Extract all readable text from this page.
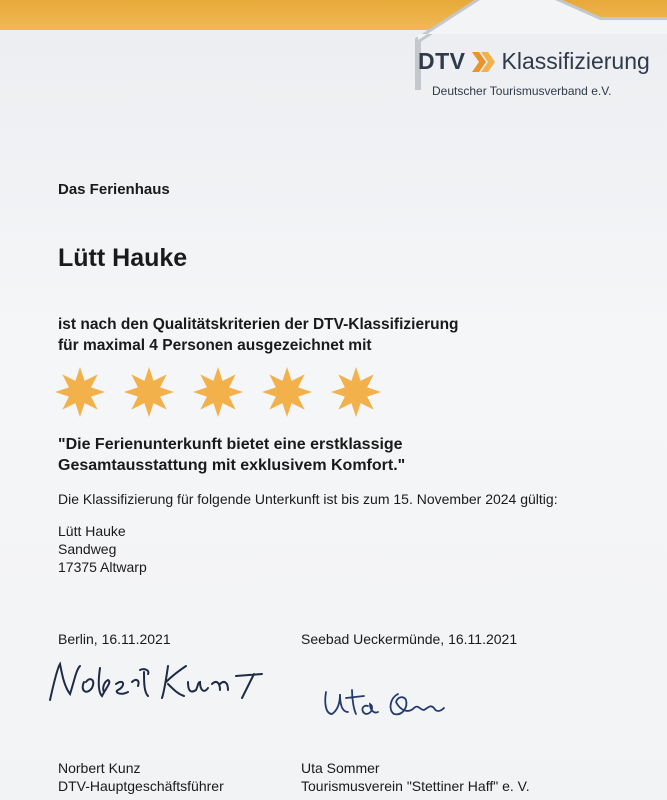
DTV Klassifizierung
Deutscher Tourismusverband e.V.
Das Ferienhaus
Lütt Hauke
ist nach den Qualitätskriterien der DTV-Klassifizierung
für maximal 4 Personen ausgezeichnet mit
"Die Ferienunterkunft bietet eine erstklassige
Gesamtausstattung mit exklusivem Komfort."
Die Klassifizierung für folgende Unterkunft ist bis zum 15. November 2024 gültig:
Lütt Hauke
Sandweg
17375 Altwarp
Berlin, 16.11.2021	Seebad Ueckermünde, 16.11.2021
Norbert Kunz
DTV-Hauptgeschäftsführer
Uta Sommer
Tourismusverein "Stettiner Haff" e. V.
